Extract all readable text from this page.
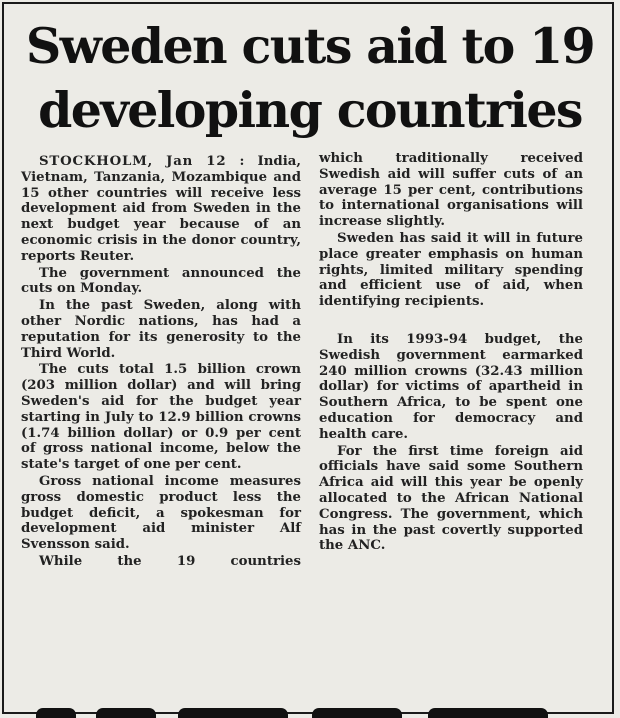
Sweden cuts aid to 19 developing countries

STOCKHOLM, Jan 12 : India, Vietnam, Tanzania, Mozambique and 15 other countries will receive less development aid from Sweden in the next budget year because of an economic crisis in the donor country, reports Reuter.

The government announced the cuts on Monday.

In the past Sweden, along with other Nordic nations, has had a reputation for its generosity to the Third World.

The cuts total 1.5 billion crown (203 million dollar) and will bring Sweden's aid for the budget year starting in July to 12.9 billion crowns (1.74 billion dollar) or 0.9 per cent of gross national income, below the state's target of one per cent.

Gross national income measures gross domestic product less the budget deficit, a spokesman for development aid minister Alf Svensson said.

While the 19 countries

which traditionally received Swedish aid will suffer cuts of an average 15 per cent, contributions to international organisations will increase slightly.

Sweden has said it will in future place greater emphasis on human rights, limited military spending and efficient use of aid, when identifying recipients.

In its 1993-94 budget, the Swedish government earmarked 240 million crowns (32.43 million dollar) for victims of apartheid in Southern Africa, to be spent one education for democracy and health care.

For the first time foreign aid officials have said some Southern Africa aid will this year be openly allocated to the African National Congress. The government, which has in the past covertly supported the ANC.
